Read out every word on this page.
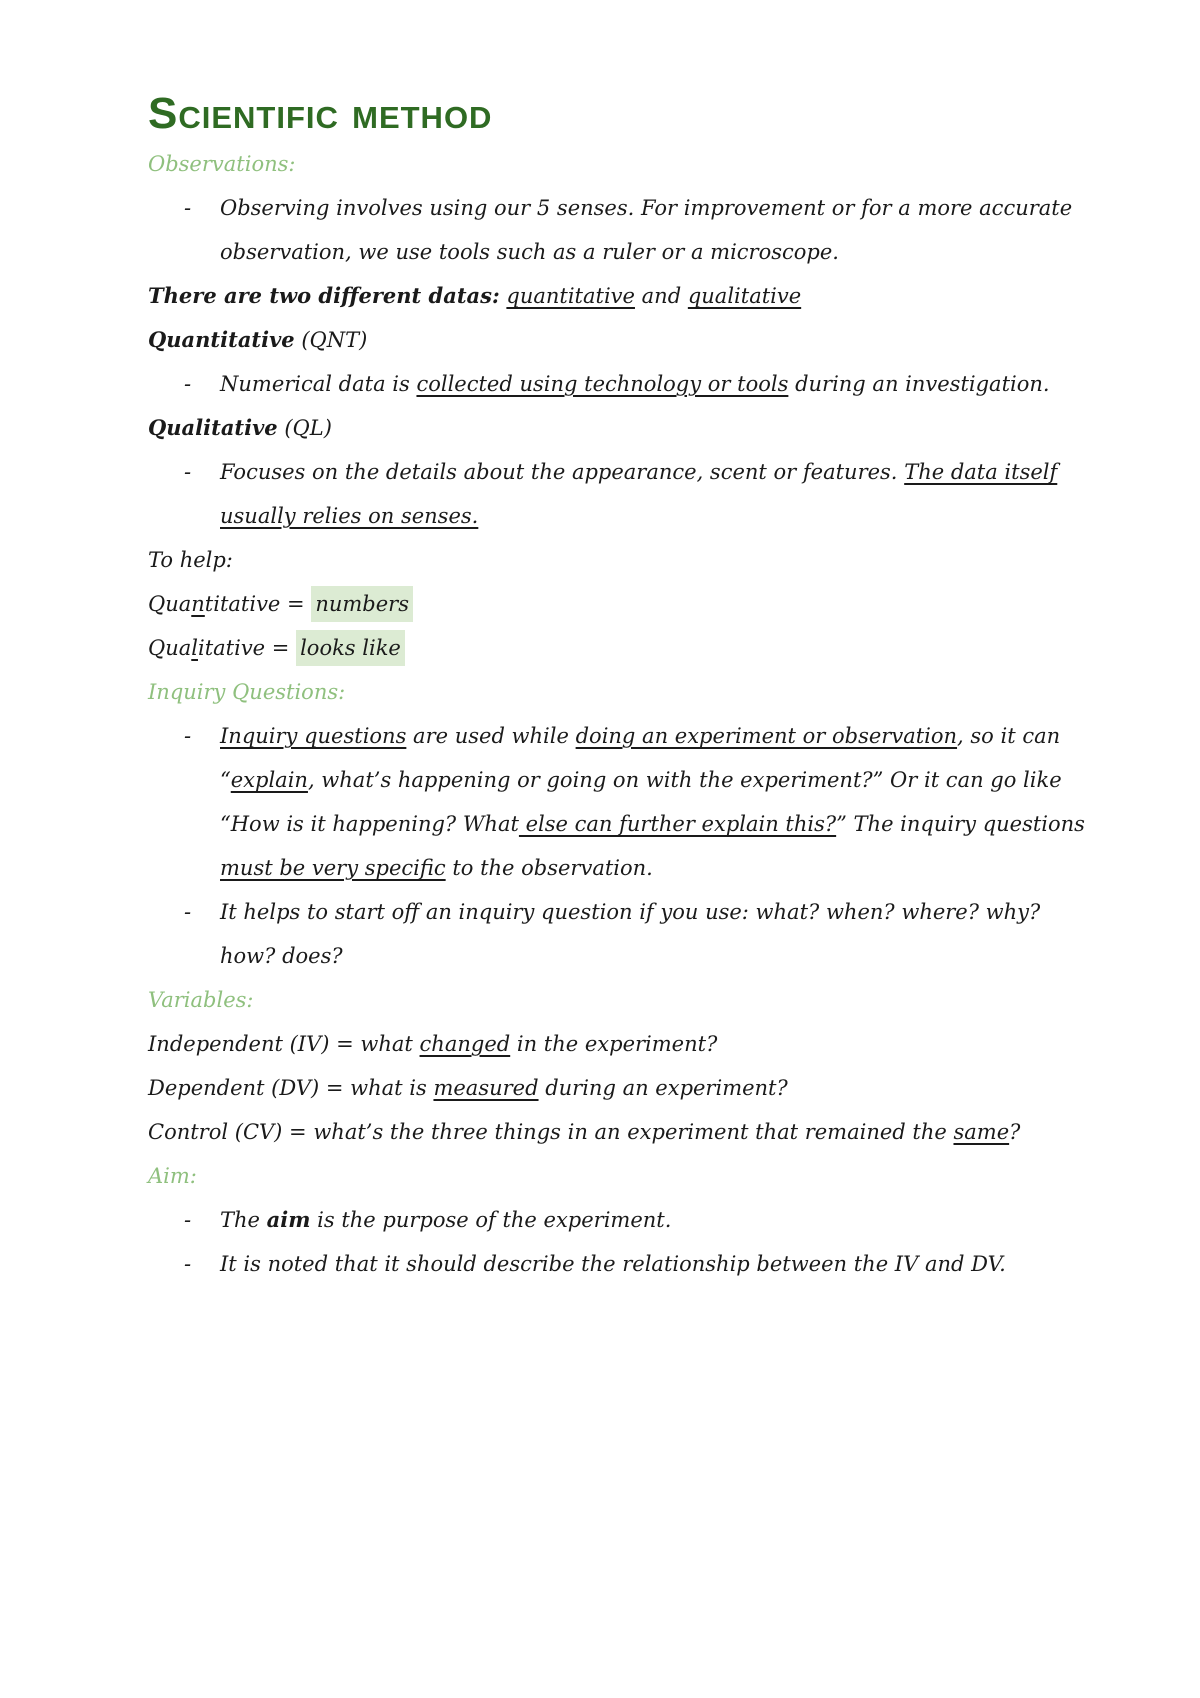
Scientific method
Observations:
- Observing involves using our 5 senses. For improvement or for a more accurate
observation, we use tools such as a ruler or a microscope.
There are two different datas: quantitative and qualitative
Quantitative (QNT)
- Numerical data is collected using technology or tools during an investigation.
Qualitative (QL)
- Focuses on the details about the appearance, scent or features. The data itself
usually relies on senses.
To help:
Quantitative = numbers
Qualitative = looks like
Inquiry Questions:
- Inquiry questions are used while doing an experiment or observation, so it can
“explain, what’s happening or going on with the experiment?” Or it can go like
“How is it happening? What else can further explain this?” The inquiry questions
must be very specific to the observation.
- It helps to start off an inquiry question if you use: what? when? where? why?
how? does?
Variables:
Independent (IV) = what changed in the experiment?
Dependent (DV) = what is measured during an experiment?
Control (CV) = what’s the three things in an experiment that remained the same?
Aim:
- The aim is the purpose of the experiment.
- It is noted that it should describe the relationship between the IV and DV.
